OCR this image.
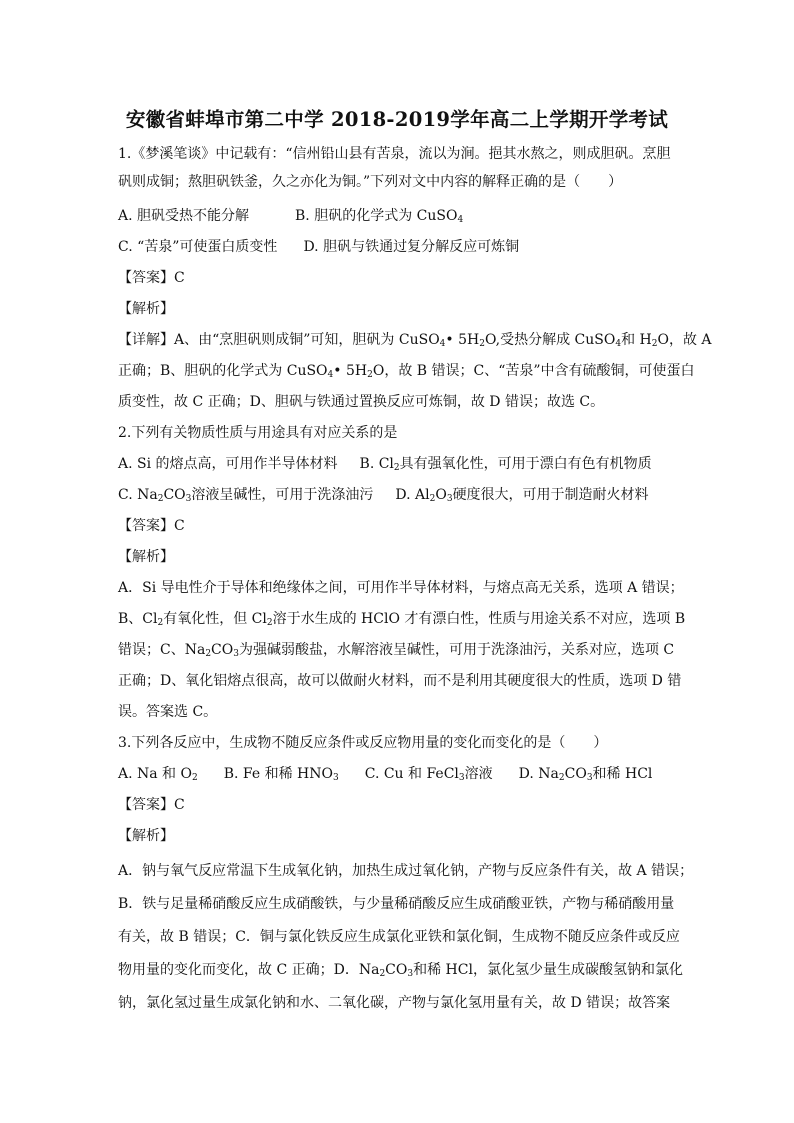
安徽省蚌埠市第二中学 2018-2019学年高二上学期开学考试
1.《梦溪笔谈》中记载有：“信州铅山县有苦泉，流以为涧。挹其水熬之，则成胆矾。烹胆
矾则成铜；熬胆矾铁釜，久之亦化为铜。”下列对文中内容的解释正确的是（　　）
A. 胆矾受热不能分解	B. 胆矾的化学式为 CuSO$_4$
C. “苦泉”可使蛋白质变性 D. 胆矾与铁通过复分解反应可炼铜
【答案】C
【解析】
【详解】A、由“烹胆矾则成铜”可知，胆矾为 CuSO$_4$• $5H_2O$,受热分解成 CuSO$_4$和 $H_2O$，故 A
正确；B、胆矾的化学式为 CuSO$_4$• $5H_2O$，故 B 错误；C、“苦泉”中含有硫酸铜，可使蛋白
质变性，故 C 正确；D、胆矾与铁通过置换反应可炼铜，故 D 错误；故选 C。
2.下列有关物质性质与用途具有对应关系的是
A. Si 的熔点高，可用作半导体材料 B. $Cl_2$具有强氧化性，可用于漂白有色有机物质
C. $Na_2CO_3$溶液呈碱性，可用于洗涤油污 D. $Al_2O_3$硬度很大，可用于制造耐火材料
【答案】C
【解析】
A．Si 导电性介于导体和绝缘体之间，可用作半导体材料，与熔点高无关系，选项 A 错误；
B、$Cl_2$有氧化性，但 $Cl_2$溶于水生成的 HClO 才有漂白性，性质与用途关系不对应，选项 B
错误；C、$Na_2CO_3$为强碱弱酸盐，水解溶液呈碱性，可用于洗涤油污，关系对应，选项 C
正确；D、氧化铝熔点很高，故可以做耐火材料，而不是利用其硬度很大的性质，选项 D 错
误。答案选 C。
3.下列各反应中，生成物不随反应条件或反应物用量的变化而变化的是（　　）
A. Na 和 $O_2$ B. Fe 和稀 $HNO_3$ C. Cu 和 FeCl$_3$溶液 D. $Na_2CO_3$和稀 HCl
【答案】C
【解析】
A．钠与氧气反应常温下生成氧化钠，加热生成过氧化钠，产物与反应条件有关，故 A 错误；
B．铁与足量稀硝酸反应生成硝酸铁，与少量稀硝酸反应生成硝酸亚铁，产物与稀硝酸用量
有关，故 B 错误；C．铜与氯化铁反应生成氯化亚铁和氯化铜，生成物不随反应条件或反应
物用量的变化而变化，故 C 正确；D．$Na_2CO_3$和稀 HCl，氯化氢少量生成碳酸氢钠和氯化
钠，氯化氢过量生成氯化钠和水、二氧化碳，产物与氯化氢用量有关，故 D 错误；故答案
